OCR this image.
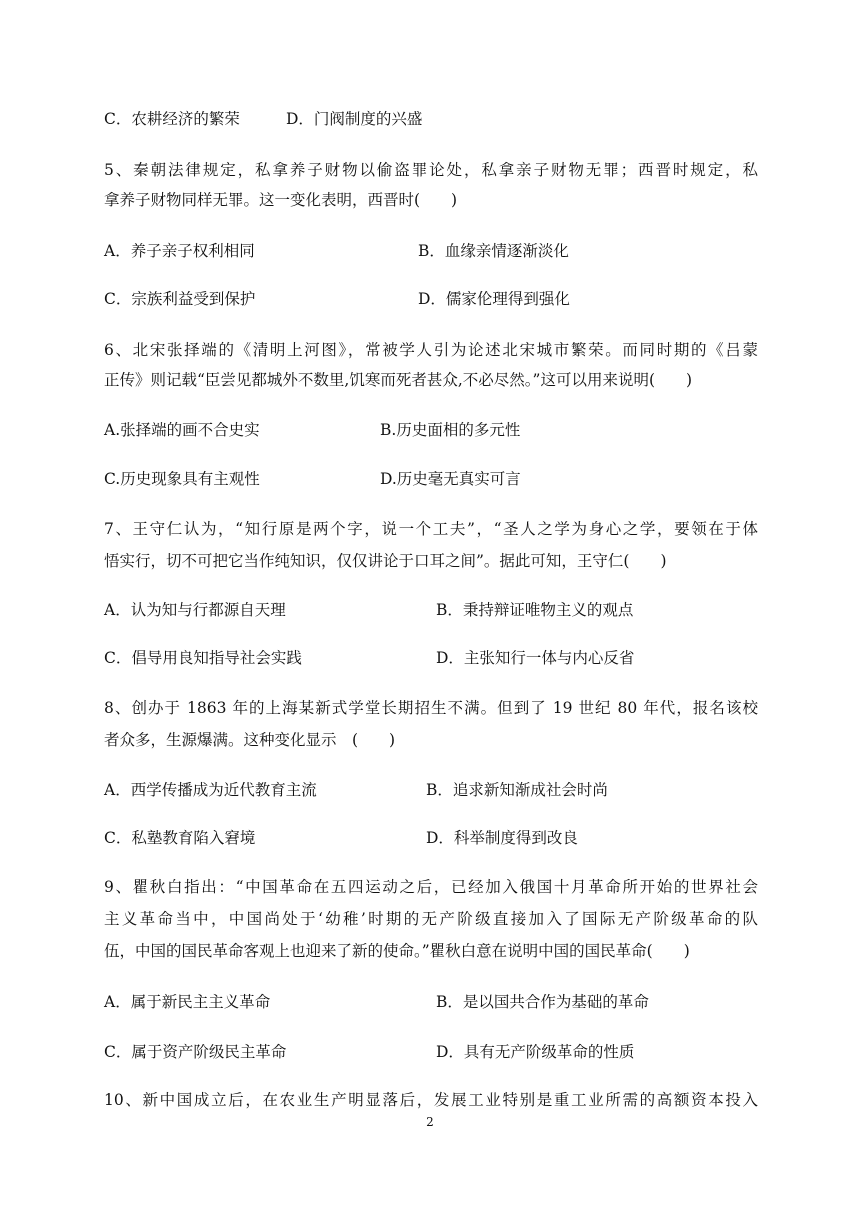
C．农耕经济的繁荣	D．门阀制度的兴盛
5、秦朝法律规定，私拿养子财物以偷盗罪论处，私拿亲子财物无罪；西晋时规定，私
拿养子财物同样无罪。这一变化表明，西晋时(　　)
A．养子亲子权利相同	B．血缘亲情逐渐淡化
C．宗族利益受到保护	D．儒家伦理得到强化
6、北宋张择端的《清明上河图》，常被学人引为论述北宋城市繁荣。而同时期的《吕蒙
正传》则记载“臣尝见都城外不数里,饥寒而死者甚众,不必尽然。”这可以用来说明(　　)
A.张择端的画不合史实	B.历史面相的多元性
C.历史现象具有主观性	D.历史毫无真实可言
7、王守仁认为，“知行原是两个字，说一个工夫”，“圣人之学为身心之学，要领在于体
悟实行，切不可把它当作纯知识，仅仅讲论于口耳之间”。据此可知，王守仁(　　)
A．认为知与行都源自天理	B．秉持辩证唯物主义的观点
C．倡导用良知指导社会实践	D．主张知行一体与内心反省
8、创办于 1863 年的上海某新式学堂长期招生不满。但到了 19 世纪 80 年代，报名该校
者众多，生源爆满。这种变化显示　(　　)
A．西学传播成为近代教育主流	B．追求新知渐成社会时尚
C．私塾教育陷入窘境	D．科举制度得到改良
9、瞿秋白指出：“中国革命在五四运动之后，已经加入俄国十月革命所开始的世界社会
主义革命当中，中国尚处于‘幼稚’时期的无产阶级直接加入了国际无产阶级革命的队
伍，中国的国民革命客观上也迎来了新的使命。”瞿秋白意在说明中国的国民革命(　　)
A．属于新民主主义革命	B．是以国共合作为基础的革命
C．属于资产阶级民主革命	D．具有无产阶级革命的性质
10、新中国成立后，在农业生产明显落后，发展工业特别是重工业所需的高额资本投入
2
